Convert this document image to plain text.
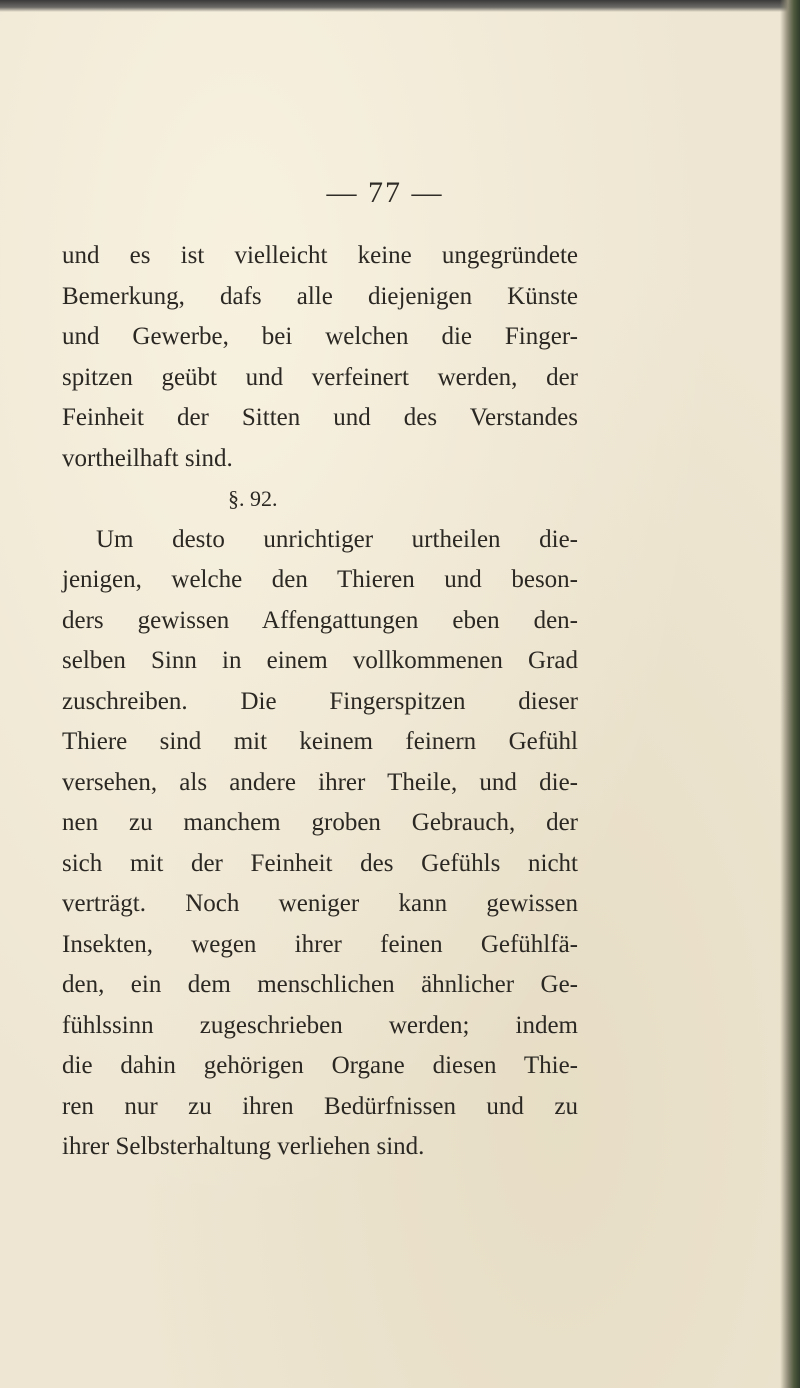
— 77 —
und es ist vielleicht keine ungegründete
Bemerkung, dafs alle diejenigen Künste
und Gewerbe, bei welchen die Finger-
spitzen geübt und verfeinert werden, der
Feinheit der Sitten und des Verstandes
vortheilhaft sind.
§. 92.
Um desto unrichtiger urtheilen die-
jenigen, welche den Thieren und beson-
ders gewissen Affengattungen eben den-
selben Sinn in einem vollkommenen Grad
zuschreiben. Die Fingerspitzen dieser
Thiere sind mit keinem feinern Gefühl
versehen, als andere ihrer Theile, und die-
nen zu manchem groben Gebrauch, der
sich mit der Feinheit des Gefühls nicht
verträgt. Noch weniger kann gewissen
Insekten, wegen ihrer feinen Gefühlfä-
den, ein dem menschlichen ähnlicher Ge-
fühlssinn zugeschrieben werden; indem
die dahin gehörigen Organe diesen Thie-
ren nur zu ihren Bedürfnissen und zu
ihrer Selbsterhaltung verliehen sind.
